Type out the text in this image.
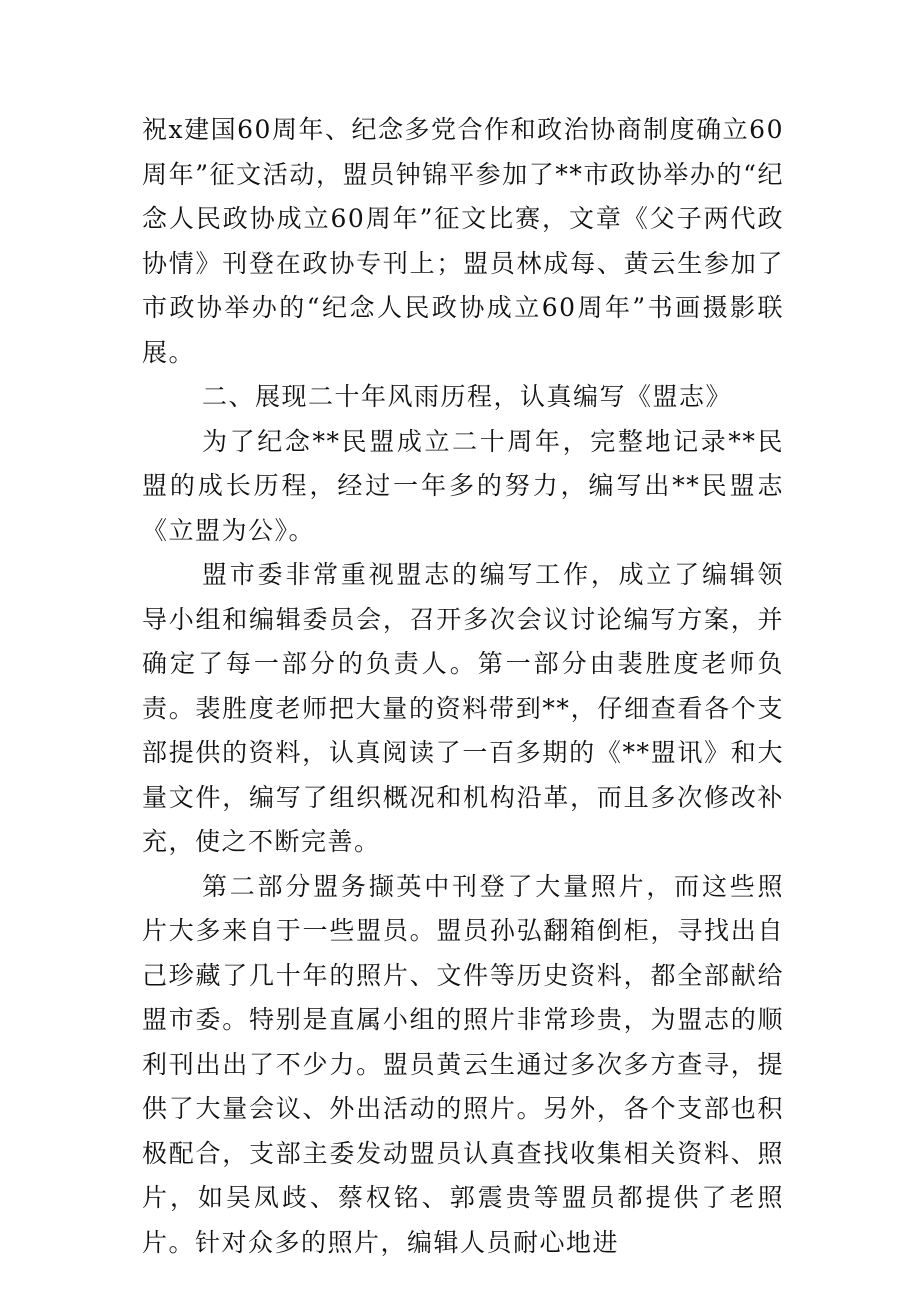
祝x建国60周年、纪念多党合作和政治协商制度确立60周年”征文活动，盟员钟锦平参加了**市政协举办的“纪念人民政协成立60周年”征文比赛，文章《父子两代政协情》刊登在政协专刊上；盟员林成每、黄云生参加了市政协举办的“纪念人民政协成立60周年”书画摄影联展。

二、展现二十年风雨历程，认真编写《盟志》

为了纪念**民盟成立二十周年，完整地记录**民盟的成长历程，经过一年多的努力，编写出**民盟志《立盟为公》。

盟市委非常重视盟志的编写工作，成立了编辑领导小组和编辑委员会，召开多次会议讨论编写方案，并确定了每一部分的负责人。第一部分由裴胜度老师负责。裴胜度老师把大量的资料带到**，仔细查看各个支部提供的资料，认真阅读了一百多期的《**盟讯》和大量文件，编写了组织概况和机构沿革，而且多次修改补充，使之不断完善。

第二部分盟务撷英中刊登了大量照片，而这些照片大多来自于一些盟员。盟员孙弘翻箱倒柜，寻找出自己珍藏了几十年的照片、文件等历史资料，都全部献给盟市委。特别是直属小组的照片非常珍贵，为盟志的顺利刊出出了不少力。盟员黄云生通过多次多方查寻，提供了大量会议、外出活动的照片。另外，各个支部也积极配合，支部主委发动盟员认真查找收集相关资料、照片，如吴凤歧、蔡权铭、郭震贵等盟员都提供了老照片。针对众多的照片，编辑人员耐心地进
